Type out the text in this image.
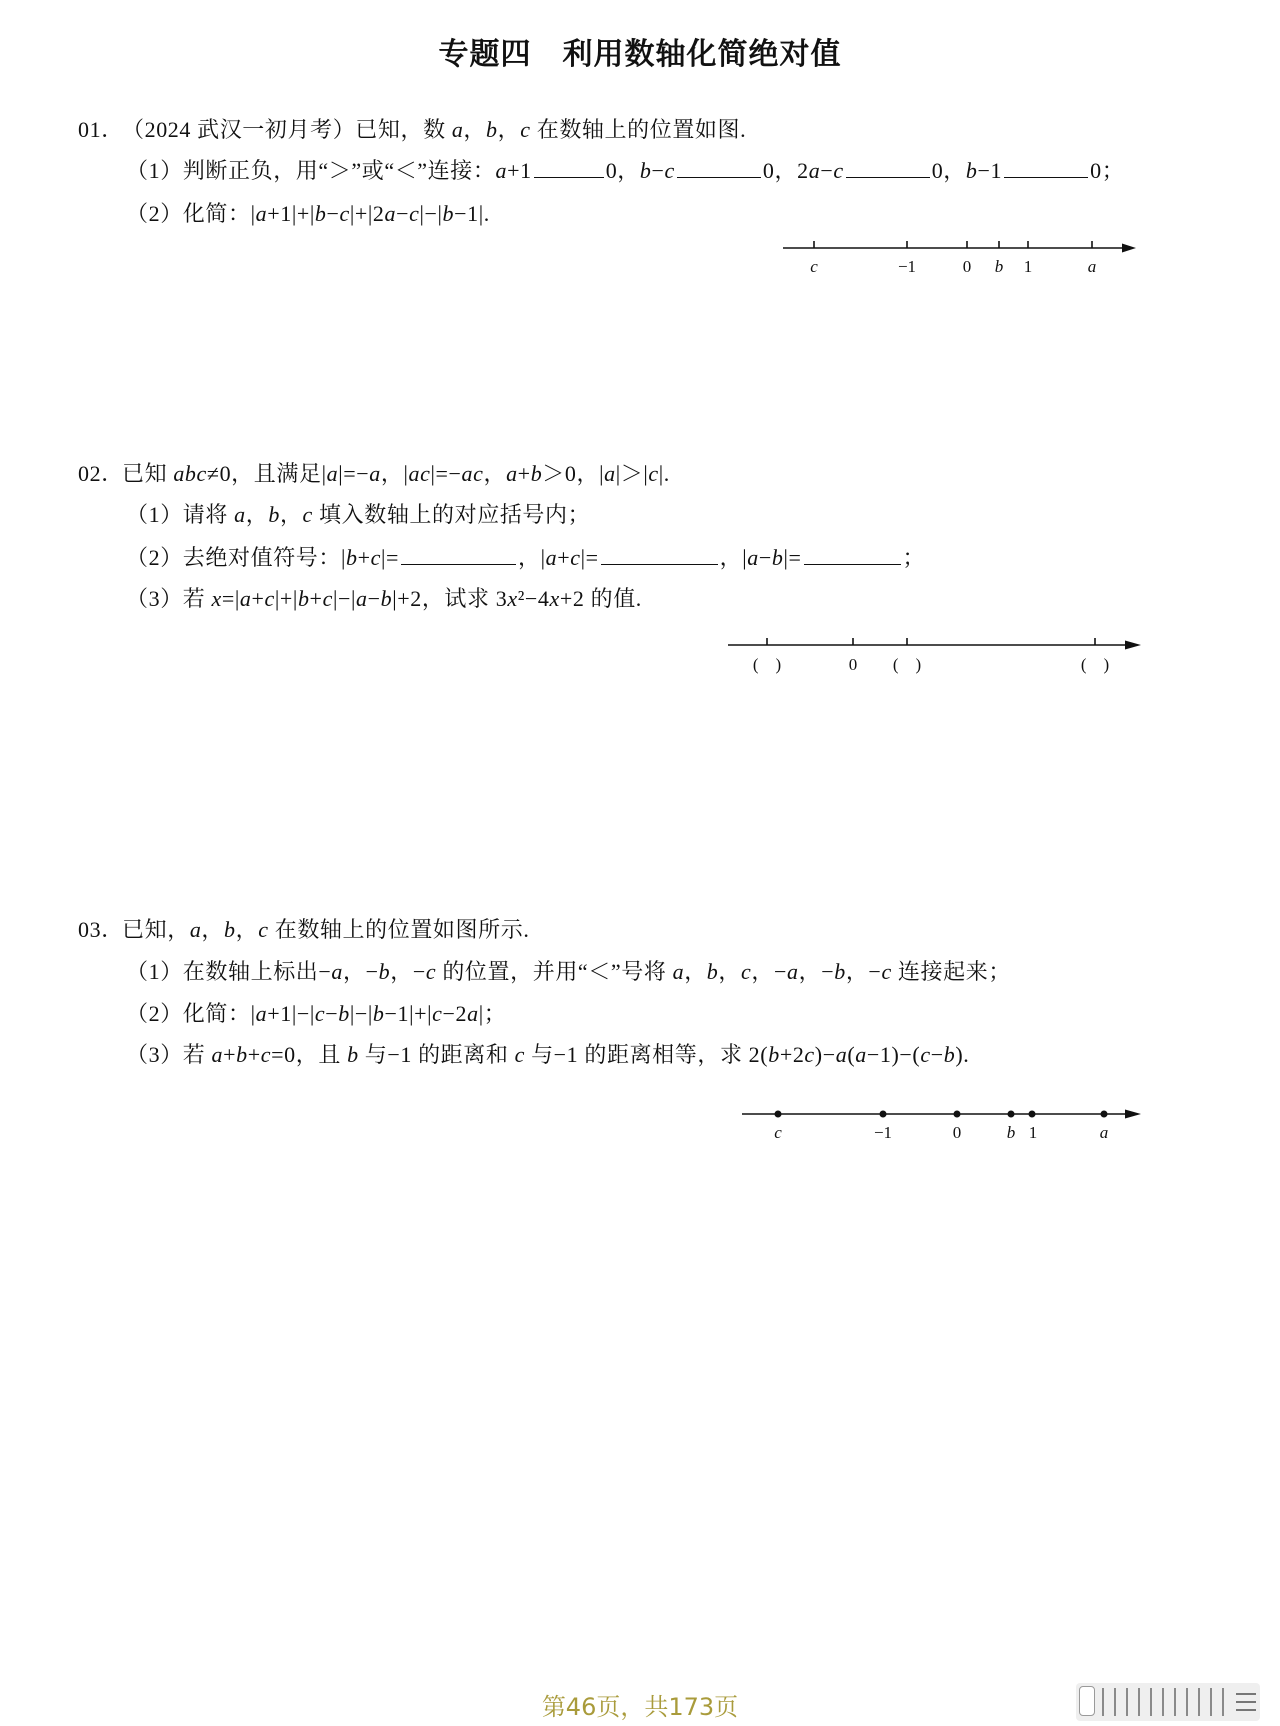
专题四　利用数轴化简绝对值
01．
（2024 武汉一初月考）已知，数 a，b，c 在数轴上的位置如图.
（1）判断正负，用“＞”或“＜”连接：a+1	0，b−c	0，2a−c	0，b−1	0；
（2）化简：|a+1|+|b−c|+|2a−c|−|b−1|.
c	−1	0 b 1	a
02．
已知 abc≠0，且满足|a|=−a，|ac|=−ac，a+b＞0，|a|＞|c|.
（1）请将 a，b，c 填入数轴上的对应括号内；
（2）去绝对值符号：|b+c|=	，|a+c|=	，|a−b|=	；
（3）若 x=|a+c|+|b+c|−|a−b|+2，试求 3x²−4x+2 的值.
(　)	0 (　)	(　)
03．
已知，a，b，c 在数轴上的位置如图所示.
（1）在数轴上标出−a，−b，−c 的位置，并用“＜”号将 a，b，c，−a，−b，−c 连接起来；
（2）化简：|a+1|−|c−b|−|b−1|+|c−2a|；
（3）若 a+b+c=0，且 b 与−1 的距离和 c 与−1 的距离相等，求 2(b+2c)−a(a−1)−(c−b).
c	−1	0	b 1	a
第46页，共173页
